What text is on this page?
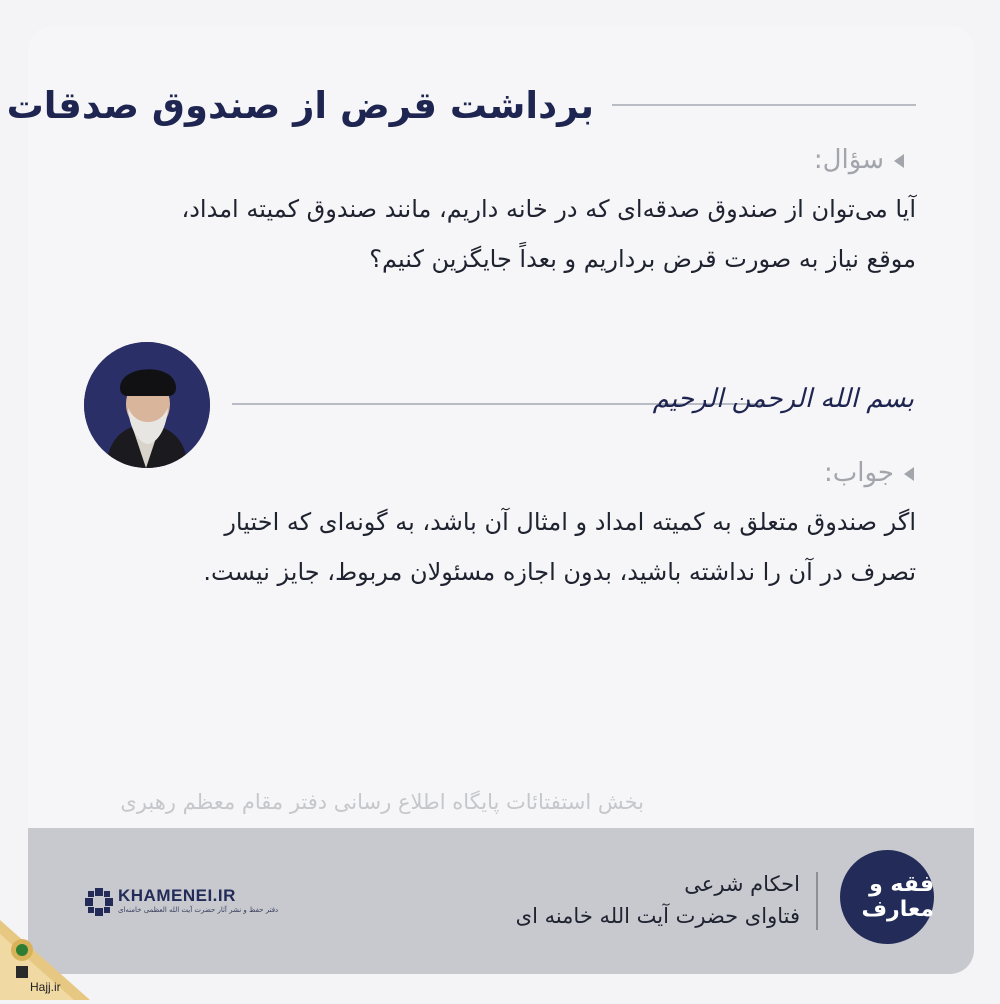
برداشت قرض از صندوق صدقات
سؤال:
آیا می‌توان از صندوق صدقه‌ای که در خانه داریم، مانند صندوق کمیته امداد،
موقع نیاز به صورت قرض برداریم و بعداً جایگزین کنیم؟
بسم الله الرحمن الرحیم
جواب:
اگر صندوق متعلق به کمیته امداد و امثال آن باشد، به گونه‌ای که اختیار
تصرف در آن را نداشته باشید، بدون اجازه مسئولان مربوط، جایز نیست.
بخش استفتائات پایگاه اطلاع رسانی دفتر مقام معظم رهبری
فقه و معارف
احکام شرعی
فتاوای حضرت آیت الله خامنه ای
KHAMENEI.IR
دفتر حفظ و نشر آثار حضرت آیت الله العظمی خامنه‌ای
Hajj.ir
